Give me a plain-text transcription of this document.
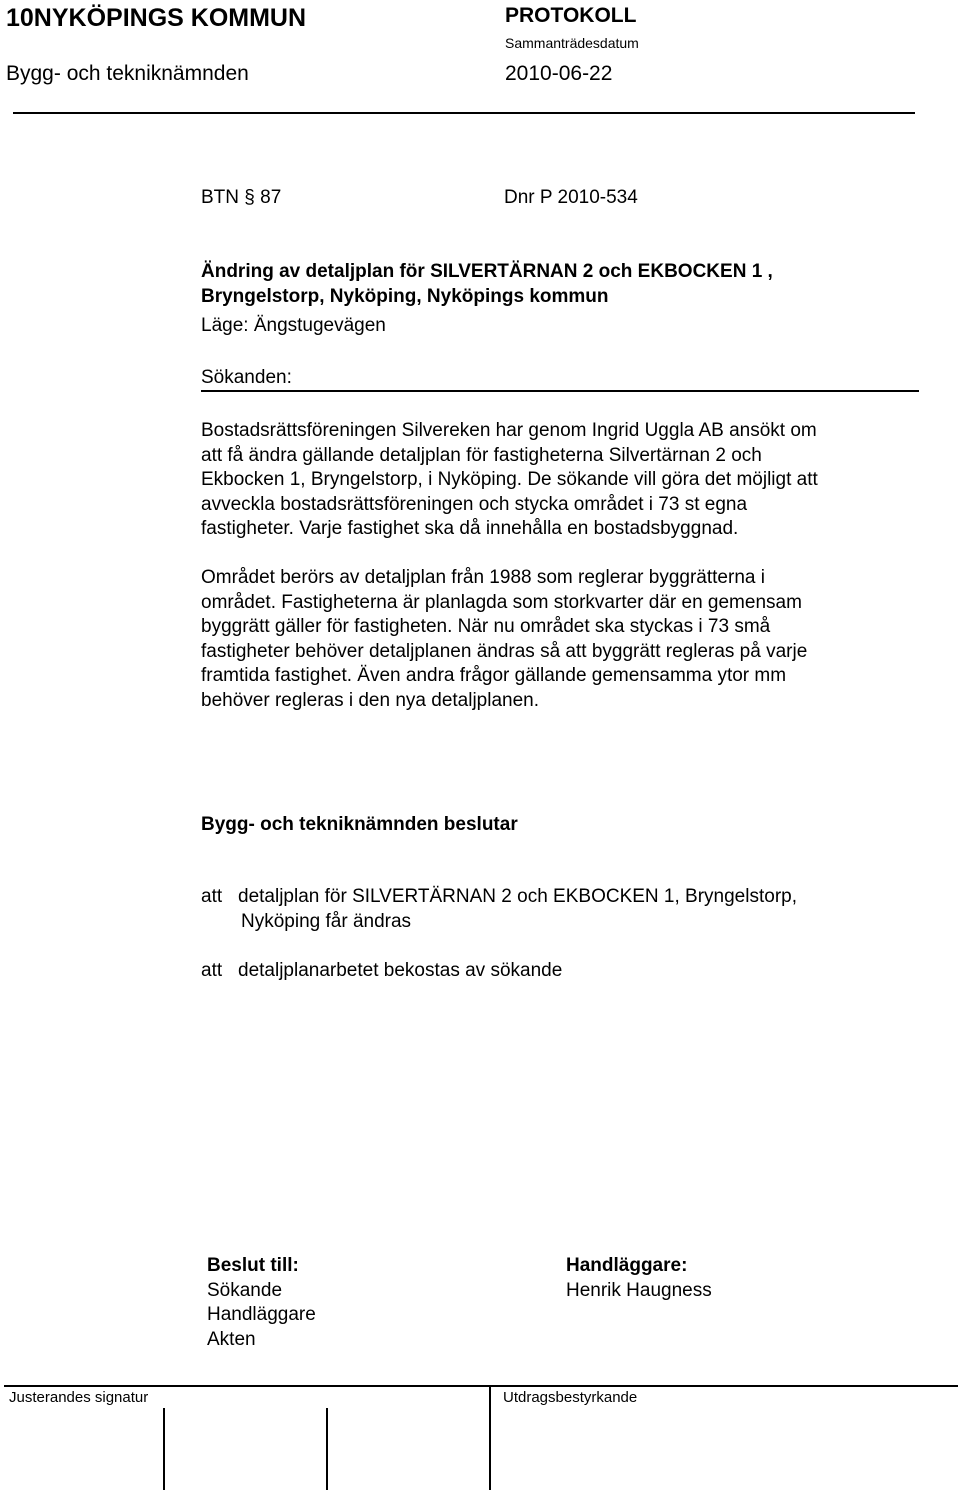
10NYKÖPINGS KOMMUN
Bygg- och tekniknämnden
PROTOKOLL
Sammanträdesdatum
2010-06-22
BTN § 87	Dnr P 2010-534
Ändring av detaljplan för SILVERTÄRNAN 2 och EKBOCKEN 1 ,
Bryngelstorp, Nyköping, Nyköpings kommun
Läge: Ängstugevägen
Sökanden:
Bostadsrättsföreningen Silvereken har genom Ingrid Uggla AB ansökt om
att få ändra gällande detaljplan för fastigheterna Silvertärnan 2 och
Ekbocken 1, Bryngelstorp, i Nyköping. De sökande vill göra det möjligt att
avveckla bostadsrättsföreningen och stycka området i 73 st egna
fastigheter. Varje fastighet ska då innehålla en bostadsbyggnad.
Området berörs av detaljplan från 1988 som reglerar byggrätterna i
området. Fastigheterna är planlagda som storkvarter där en gemensam
byggrätt gäller för fastigheten. När nu området ska styckas i 73 små
fastigheter behöver detaljplanen ändras så att byggrätt regleras på varje
framtida fastighet. Även andra frågor gällande gemensamma ytor mm
behöver regleras i den nya detaljplanen.
Bygg- och tekniknämnden beslutar
att detaljplan för SILVERTÄRNAN 2 och EKBOCKEN 1, Bryngelstorp,
Nyköping får ändras
att detaljplanarbetet bekostas av sökande
Beslut till:
Sökande
Handläggare
Akten
Handläggare:
Henrik Haugness
Justerandes signatur	Utdragsbestyrkande
